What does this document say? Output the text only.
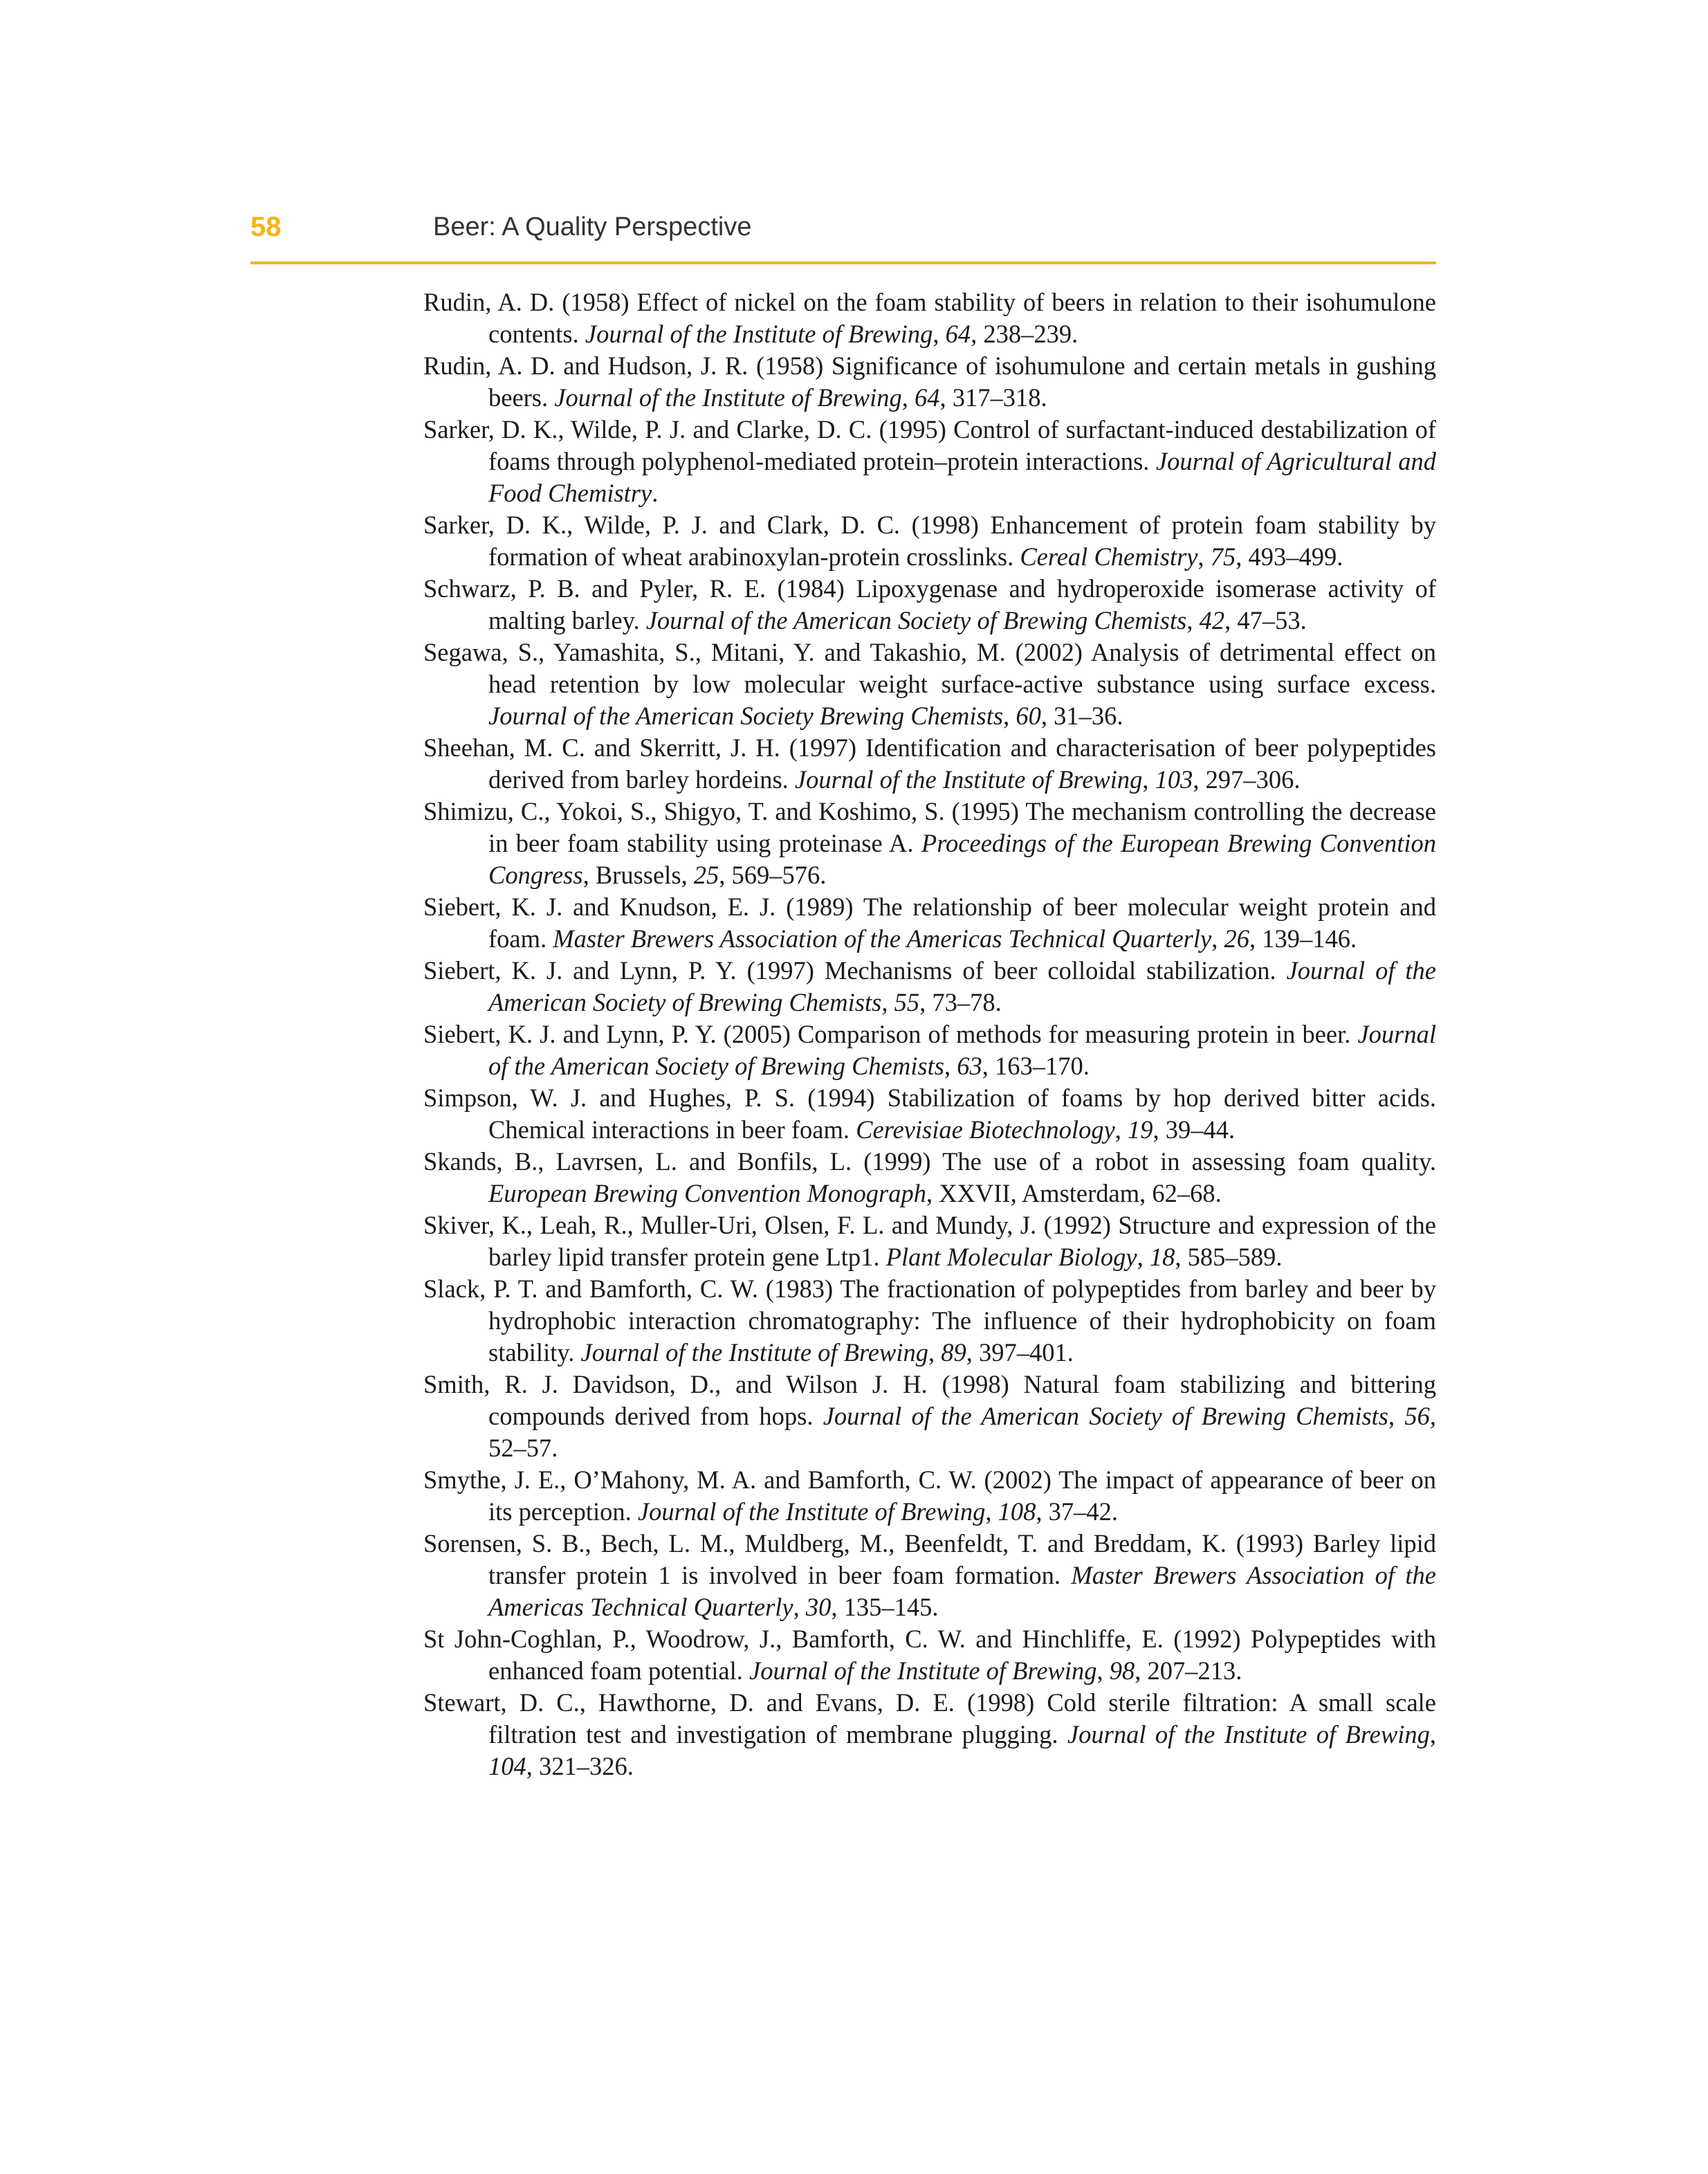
58	Beer: A Quality Perspective

Rudin, A. D. (1958) Effect of nickel on the foam stability of beers in relation to their isohumulone contents. Journal of the Institute of Brewing, 64, 238–239.

Rudin, A. D. and Hudson, J. R. (1958) Significance of isohumulone and certain metals in gushing beers. Journal of the Institute of Brewing, 64, 317–318.

Sarker, D. K., Wilde, P. J. and Clarke, D. C. (1995) Control of surfactant-induced destabilization of foams through polyphenol-mediated protein–protein interactions. Journal of Agricultural and Food Chemistry.

Sarker, D. K., Wilde, P. J. and Clark, D. C. (1998) Enhancement of protein foam stability by formation of wheat arabinoxylan-protein crosslinks. Cereal Chemistry, 75, 493–499.

Schwarz, P. B. and Pyler, R. E. (1984) Lipoxygenase and hydroperoxide isomerase activity of malting barley. Journal of the American Society of Brewing Chemists, 42, 47–53.

Segawa, S., Yamashita, S., Mitani, Y. and Takashio, M. (2002) Analysis of detrimental effect on head retention by low molecular weight surface-active substance using surface excess. Journal of the American Society Brewing Chemists, 60, 31–36.

Sheehan, M. C. and Skerritt, J. H. (1997) Identification and characterisation of beer polypeptides derived from barley hordeins. Journal of the Institute of Brewing, 103, 297–306.

Shimizu, C., Yokoi, S., Shigyo, T. and Koshimo, S. (1995) The mechanism controlling the decrease in beer foam stability using proteinase A. Proceedings of the European Brewing Convention Congress, Brussels, 25, 569–576.

Siebert, K. J. and Knudson, E. J. (1989) The relationship of beer molecular weight protein and foam. Master Brewers Association of the Americas Technical Quarterly, 26, 139–146.

Siebert, K. J. and Lynn, P. Y. (1997) Mechanisms of beer colloidal stabilization. Journal of the American Society of Brewing Chemists, 55, 73–78.

Siebert, K. J. and Lynn, P. Y. (2005) Comparison of methods for measuring protein in beer. Journal of the American Society of Brewing Chemists, 63, 163–170.

Simpson, W. J. and Hughes, P. S. (1994) Stabilization of foams by hop derived bitter acids. Chemical interactions in beer foam. Cerevisiae Biotechnology, 19, 39–44.

Skands, B., Lavrsen, L. and Bonfils, L. (1999) The use of a robot in assessing foam quality. European Brewing Convention Monograph, XXVII, Amsterdam, 62–68.

Skiver, K., Leah, R., Muller-Uri, Olsen, F. L. and Mundy, J. (1992) Structure and expression of the barley lipid transfer protein gene Ltp1. Plant Molecular Biology, 18, 585–589.

Slack, P. T. and Bamforth, C. W. (1983) The fractionation of polypeptides from barley and beer by hydrophobic interaction chromatography: The influence of their hydrophobicity on foam stability. Journal of the Institute of Brewing, 89, 397–401.

Smith, R. J. Davidson, D., and Wilson J. H. (1998) Natural foam stabilizing and bittering compounds derived from hops. Journal of the American Society of Brewing Chemists, 56, 52–57.

Smythe, J. E., O’Mahony, M. A. and Bamforth, C. W. (2002) The impact of appearance of beer on its perception. Journal of the Institute of Brewing, 108, 37–42.

Sorensen, S. B., Bech, L. M., Muldberg, M., Beenfeldt, T. and Breddam, K. (1993) Barley lipid transfer protein 1 is involved in beer foam formation. Master Brewers Association of the Americas Technical Quarterly, 30, 135–145.

St John-Coghlan, P., Woodrow, J., Bamforth, C. W. and Hinchliffe, E. (1992) Polypeptides with enhanced foam potential. Journal of the Institute of Brewing, 98, 207–213.

Stewart, D. C., Hawthorne, D. and Evans, D. E. (1998) Cold sterile filtration: A small scale filtration test and investigation of membrane plugging. Journal of the Institute of Brewing, 104, 321–326.
